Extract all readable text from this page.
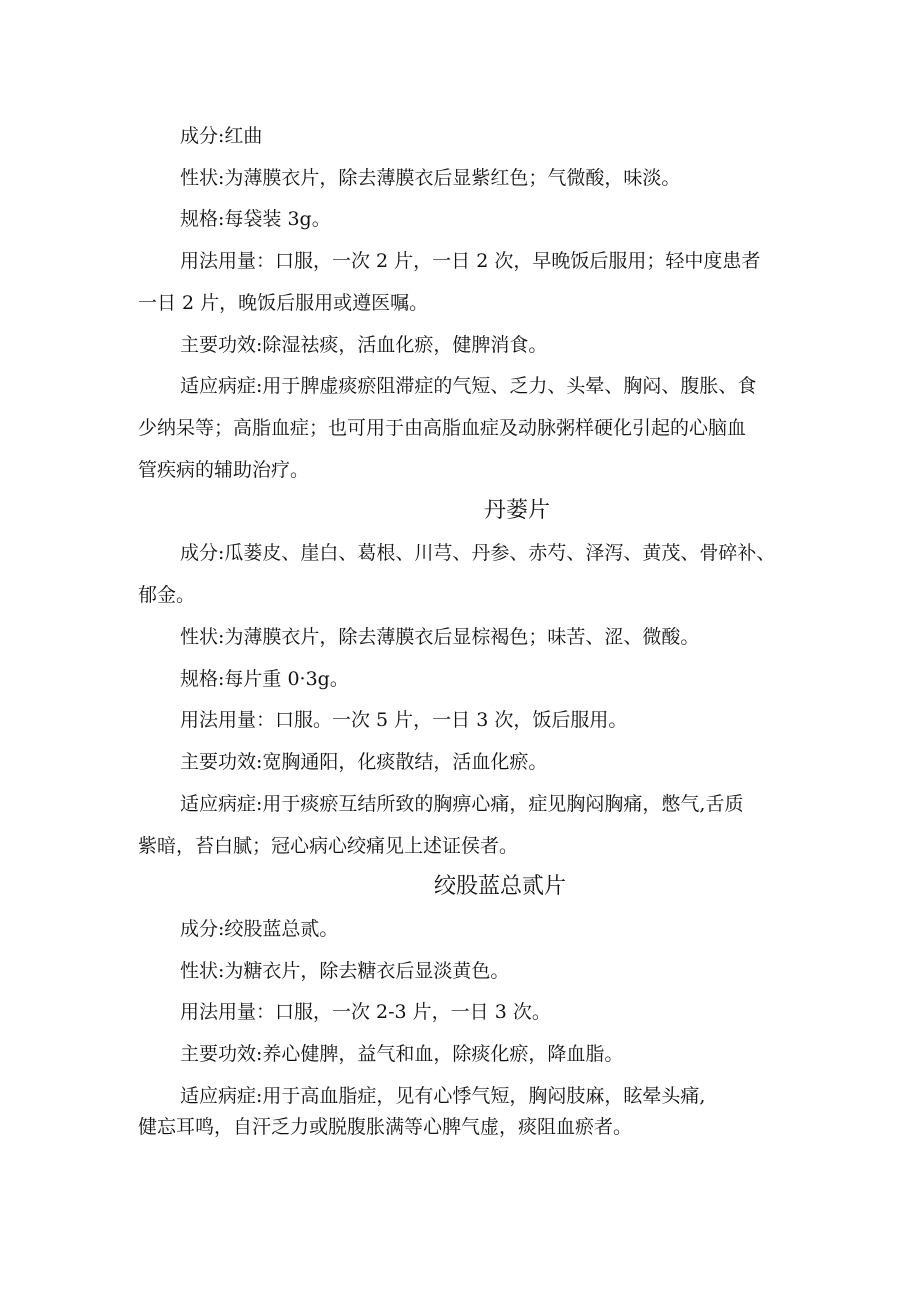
成分:红曲
性状:为薄膜衣片，除去薄膜衣后显紫红色；气微酸，味淡。
规格:每袋装 3g。
用法用量：口服，一次 2 片，一日 2 次，早晚饭后服用；轻中度患者
一日 2 片，晚饭后服用或遵医嘱。
主要功效:除湿祛痰，活血化瘀，健脾消食。
适应病症:用于脾虚痰瘀阻滞症的气短、乏力、头晕、胸闷、腹胀、食
少纳呆等；高脂血症；也可用于由高脂血症及动脉粥样硬化引起的心脑血
管疾病的辅助治疗。
丹蒌片
成分:瓜蒌皮、崖白、葛根、川芎、丹参、赤芍、泽泻、黄茂、骨碎补、
郁金。
性状:为薄膜衣片，除去薄膜衣后显棕褐色；味苦、涩、微酸。
规格:每片重 0·3g。
用法用量：口服。一次 5 片，一日 3 次，饭后服用。
主要功效:宽胸通阳，化痰散结，活血化瘀。
适应病症:用于痰瘀互结所致的胸痹心痛，症见胸闷胸痛，憋气,舌质
紫暗，苔白腻；冠心病心绞痛见上述证侯者。
绞股蓝总贰片
成分:绞股蓝总贰。
性状:为糖衣片，除去糖衣后显淡黄色。
用法用量：口服，一次 2-3 片，一日 3 次。
主要功效:养心健脾，益气和血，除痰化瘀，降血脂。
适应病症:用于高血脂症，见有心悸气短，胸闷肢麻，眩晕头痛,
健忘耳鸣，自汗乏力或脱腹胀满等心脾气虚，痰阻血瘀者。
